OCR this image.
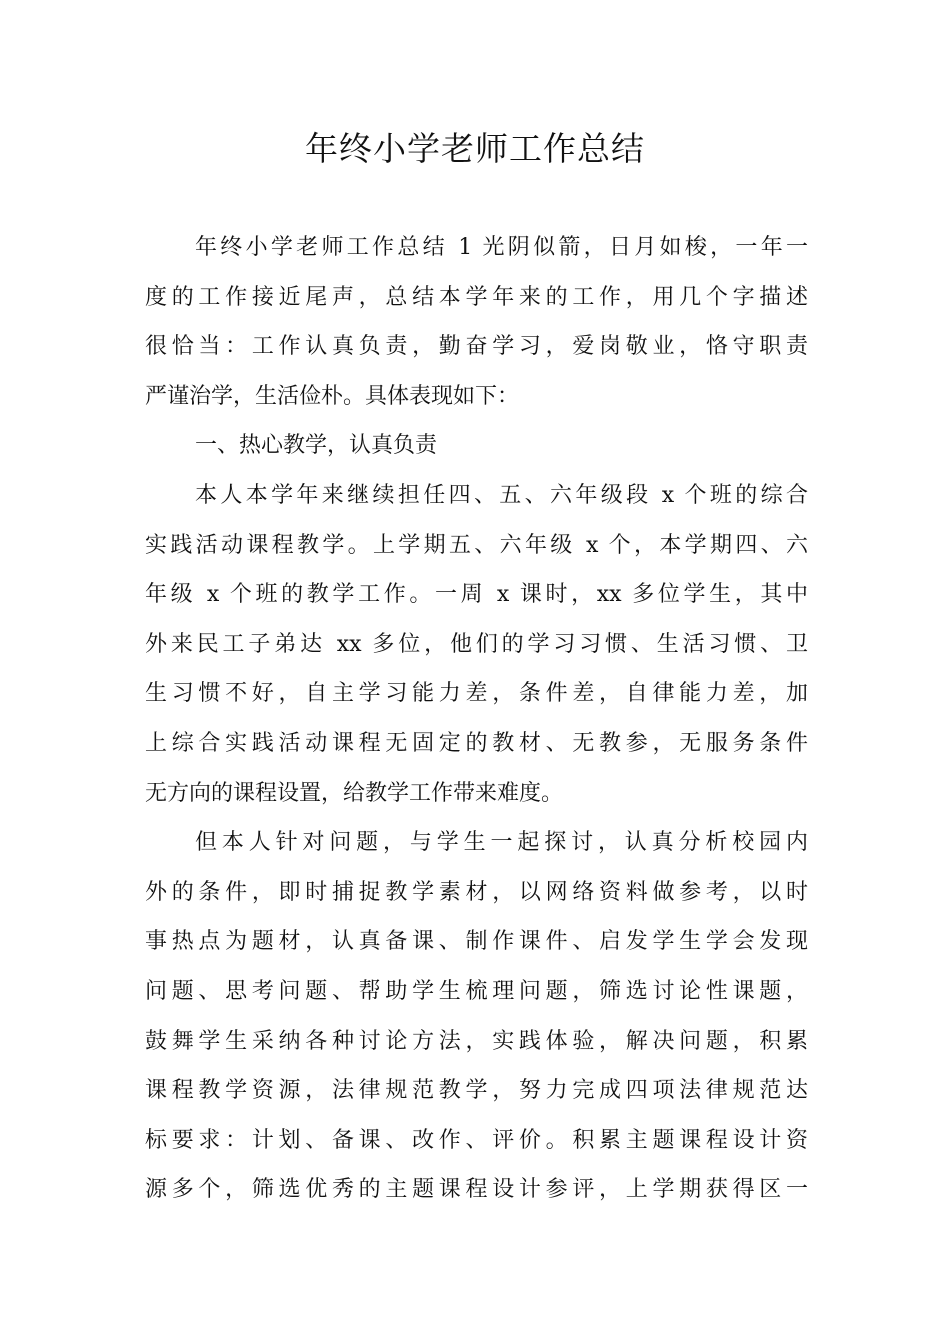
年终小学老师工作总结
年终小学老师工作总结 1 光阴似箭，日月如梭，一年一
度的工作接近尾声，总结本学年来的工作，用几个字描述
很恰当：工作认真负责，勤奋学习，爱岗敬业，恪守职责
严谨治学，生活俭朴。具体表现如下：
一、热心教学，认真负责
本人本学年来继续担任四、五、六年级段 x 个班的综合
实践活动课程教学。上学期五、六年级 x 个，本学期四、六
年级 x 个班的教学工作。一周 x 课时，xx 多位学生，其中
外来民工子弟达 xx 多位，他们的学习习惯、生活习惯、卫
生习惯不好，自主学习能力差，条件差，自律能力差，加
上综合实践活动课程无固定的教材、无教参，无服务条件
无方向的课程设置，给教学工作带来难度。
但本人针对问题，与学生一起探讨，认真分析校园内
外的条件，即时捕捉教学素材，以网络资料做参考，以时
事热点为题材，认真备课、制作课件、启发学生学会发现
问题、思考问题、帮助学生梳理问题，筛选讨论性课题，
鼓舞学生采纳各种讨论方法，实践体验，解决问题，积累
课程教学资源，法律规范教学，努力完成四项法律规范达
标要求：计划、备课、改作、评价。积累主题课程设计资
源多个，筛选优秀的主题课程设计参评，上学期获得区一
